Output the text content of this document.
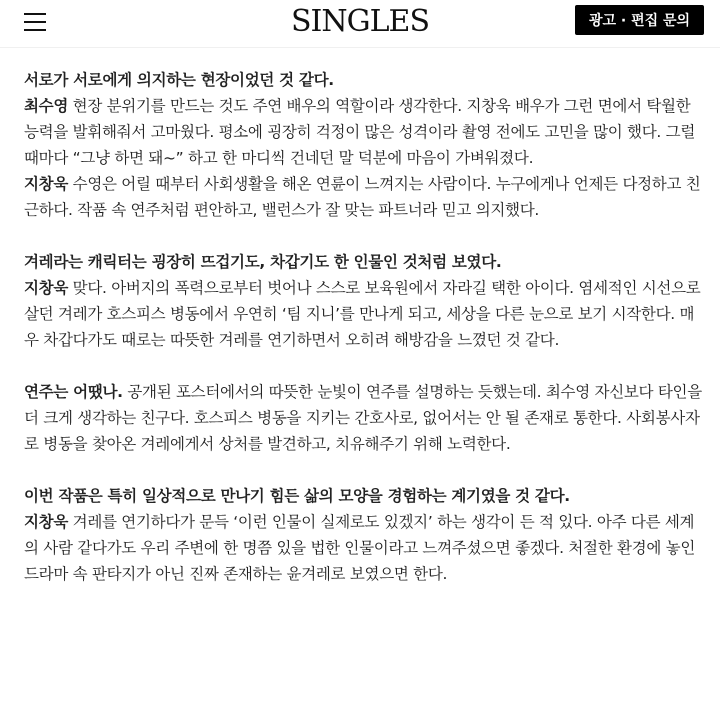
SINGLES	광고 · 편집 문의

서로가 서로에게 의지하는 현장이었던 것 같다.

최수영 현장 분위기를 만드는 것도 주연 배우의 역할이라 생각한다. 지창욱 배우가 그런 면에서 탁월한 능력을 발휘해줘서 고마웠다. 평소에 굉장히 걱정이 많은 성격이라 촬영 전에도 고민을 많이 했다. 그럴 때마다 “그냥 하면 돼~” 하고 한 마디씩 건네던 말 덕분에 마음이 가벼워졌다.

지창욱 수영은 어릴 때부터 사회생활을 해온 연륜이 느껴지는 사람이다. 누구에게나 언제든 다정하고 친근하다. 작품 속 연주처럼 편안하고, 밸런스가 잘 맞는 파트너라 믿고 의지했다.

겨레라는 캐릭터는 굉장히 뜨겁기도, 차갑기도 한 인물인 것처럼 보였다.

지창욱 맞다. 아버지의 폭력으로부터 벗어나 스스로 보육원에서 자라길 택한 아이다. 염세적인 시선으로 살던 겨레가 호스피스 병동에서 우연히 ‘팀 지니’를 만나게 되고, 세상을 다른 눈으로 보기 시작한다. 매우 차갑다가도 때로는 따뜻한 겨레를 연기하면서 오히려 해방감을 느꼈던 것 같다.

연주는 어땠나. 공개된 포스터에서의 따뜻한 눈빛이 연주를 설명하는 듯했는데. 최수영 자신보다 타인을 더 크게 생각하는 친구다. 호스피스 병동을 지키는 간호사로, 없어서는 안 될 존재로 통한다. 사회봉사자로 병동을 찾아온 겨레에게서 상처를 발견하고, 치유해주기 위해 노력한다.

이번 작품은 특히 일상적으로 만나기 힘든 삶의 모양을 경험하는 계기였을 것 같다.

지창욱 겨레를 연기하다가 문득 ‘이런 인물이 실제로도 있겠지’ 하는 생각이 든 적 있다. 아주 다른 세계의 사람 같다가도 우리 주변에 한 명쯤 있을 법한 인물이라고 느껴주셨으면 좋겠다. 처절한 환경에 놓인 드라마 속 판타지가 아닌 진짜 존재하는 윤겨레로 보였으면 한다.
